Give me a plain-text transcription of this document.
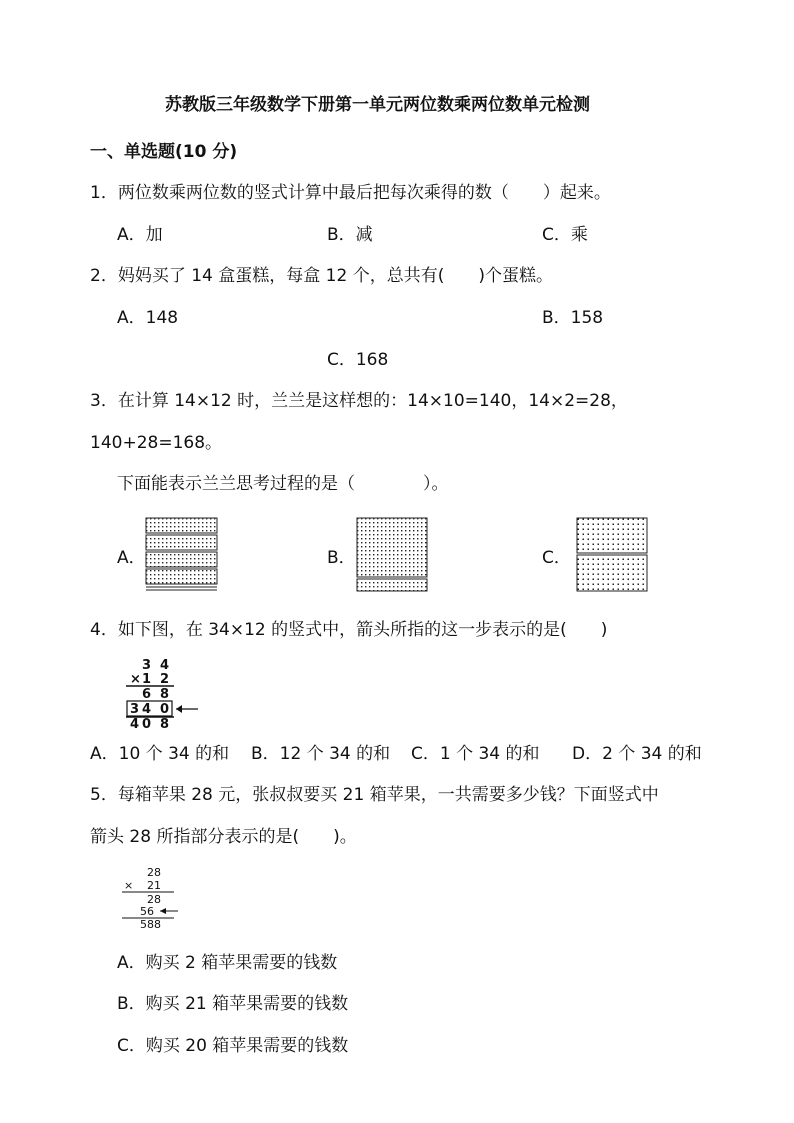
苏教版三年级数学下册第一单元两位数乘两位数单元检测
一、单选题(10 分)
1．两位数乘两位数的竖式计算中最后把每次乘得的数（　　）起来。
A．加	B．减	C．乘
2．妈妈买了 14 盒蛋糕，每盒 12 个，总共有(　　)个蛋糕。
A．148	B．158
C．168
3．在计算 14×12 时，兰兰是这样想的：14×10=140，14×2=28，
140+28=168。
下面能表示兰兰思考过程的是（　　　　）。
A．	B．	C．
4．如下图，在 34×12 的竖式中，箭头所指的这一步表示的是(　　)
3 4
× 1 2
6 8
3 4 0
4 0 8
A．10 个 34 的和 B．12 个 34 的和 C．1 个 34 的和 D．2 个 34 的和
5．每箱苹果 28 元，张叔叔要买 21 箱苹果，一共需要多少钱？下面竖式中
箭头 28 所指部分表示的是(　　)。
28
× 21
28
56
588
A．购买 2 箱苹果需要的钱数
B．购买 21 箱苹果需要的钱数
C．购买 20 箱苹果需要的钱数
